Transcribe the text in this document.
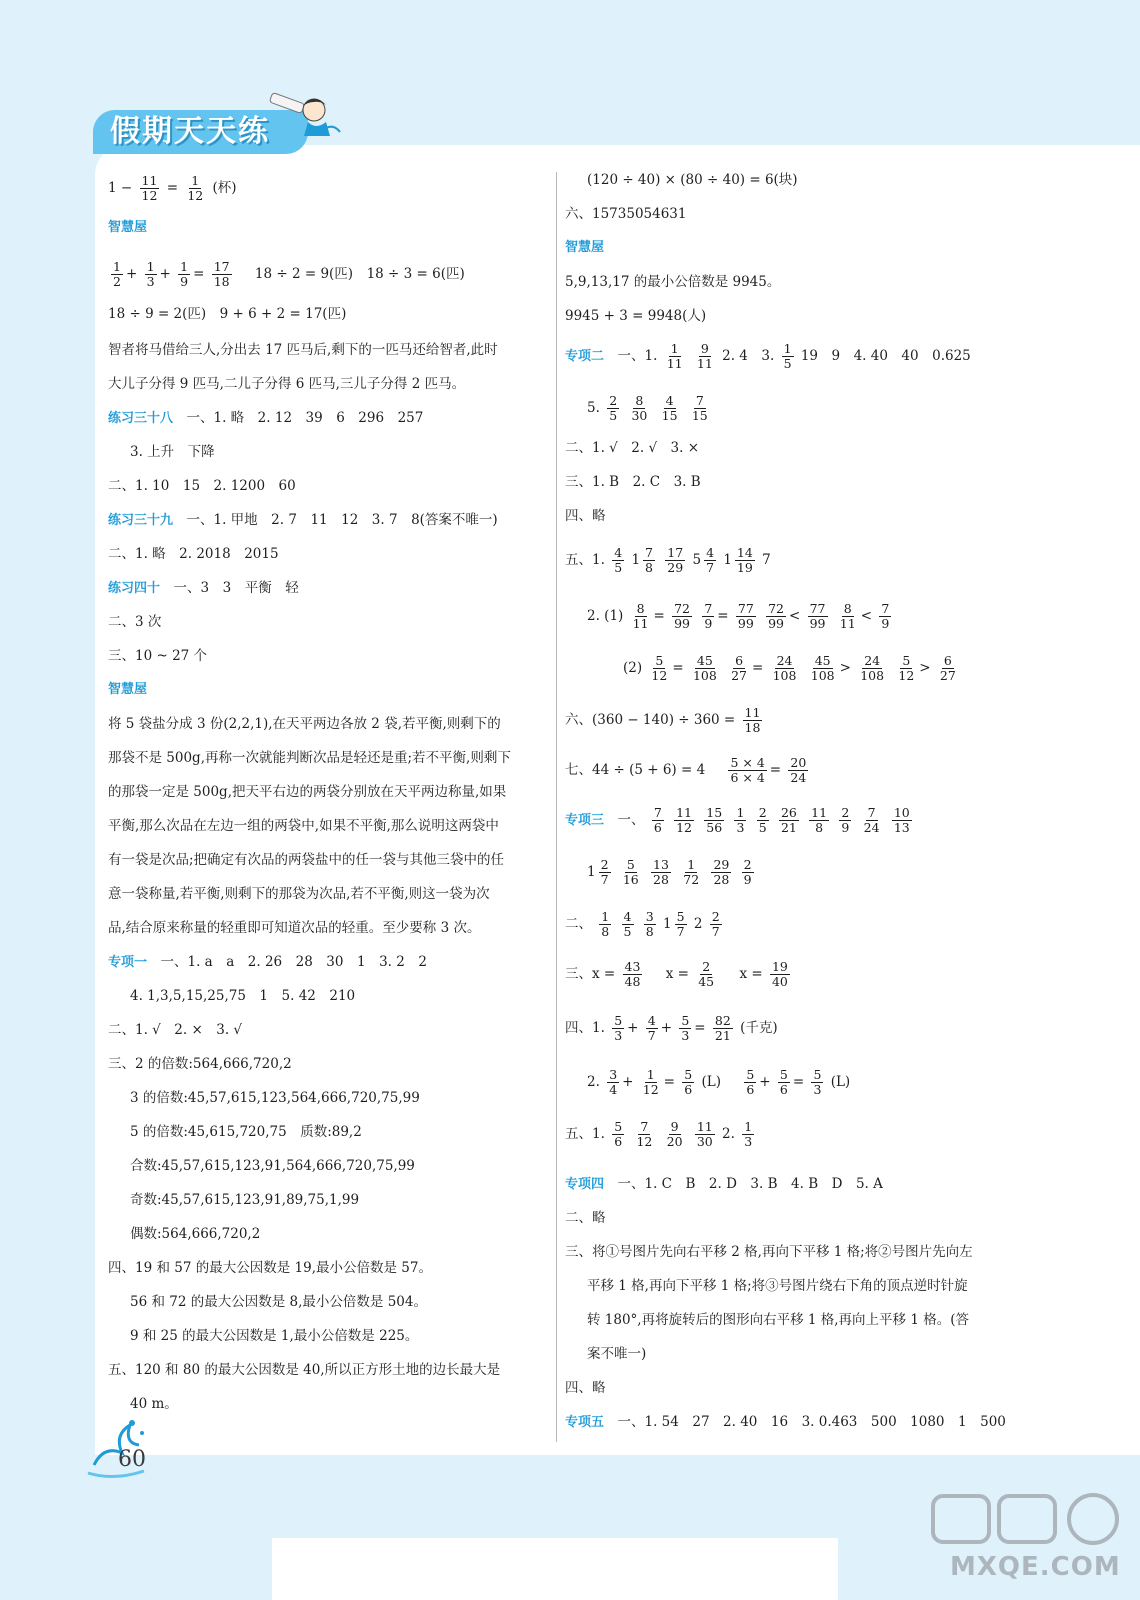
假期天天练
$1 - \frac{11}{12} = \frac{1}{12}$ (杯)
智慧屋
$\frac{1}{2} + \frac{1}{3} + \frac{1}{9} = \frac{17}{18} 18 \div 2 = 9$(匹)　18 ÷ 3 = 6(匹)
18 ÷ 9 = 2(匹)　9 + 6 + 2 = 17(匹)
智者将马借给三人,分出去 17 匹马后,剩下的一匹马还给智者,此时
大儿子分得 9 匹马,二儿子分得 6 匹马,三儿子分得 2 匹马。
练习三十八　 一、1. 略　2. 12　39　6　296　257
3. 上升　下降
二、1. 10　15　2. 1200　60
练习三十九　 一、1. 甲地　2. 7　11　12　3. 7　8(答案不唯一)
二、1. 略　2. 2018　2015
练习四十　 一、3　3　平衡　轻
二、3 次
三、10 ~ 27 个
智慧屋
将 5 袋盐分成 3 份(2,2,1),在天平两边各放 2 袋,若平衡,则剩下的
那袋不是 500g,再称一次就能判断次品是轻还是重;若不平衡,则剩下
的那袋一定是 500g,把天平右边的两袋分别放在天平两边称量,如果
平衡,那么次品在左边一组的两袋中,如果不平衡,那么说明这两袋中
有一袋是次品;把确定有次品的两袋盐中的任一袋与其他三袋中的任
意一袋称量,若平衡,则剩下的那袋为次品,若不平衡,则这一袋为次
品,结合原来称量的轻重即可知道次品的轻重。至少要称 3 次。
专项一　 一、1. a　a　2. 26　28　30　1　3. 2　2
4. 1,3,5,15,25,75　1　5. 42　210
二、1. √　2. ×　3. √
三、2 的倍数:564,666,720,2
3 的倍数:45,57,615,123,564,666,720,75,99
5 的倍数:45,615,720,75　质数:89,2
合数:45,57,615,123,91,564,666,720,75,99
奇数:45,57,615,123,91,89,75,1,99
偶数:564,666,720,2
四、19 和 57 的最大公因数是 19,最小公倍数是 57。
56 和 72 的最大公因数是 8,最小公倍数是 504。
9 和 25 的最大公因数是 1,最小公倍数是 225。
五、120 和 80 的最大公因数是 40,所以正方形土地的边长最大是
40 m。
(120 ÷ 40) × (80 ÷ 40) = 6(块)
六、15735054631
智慧屋
5,9,13,17 的最小公倍数是 9945。
9945 + 3 = 9948(人)
专项二　 一、1. $\frac{1}{11}$
$\frac{9}{11} 2$. 4　3. $\frac{1}{5} 19$　9　4. 40　40　0.625
5. $\frac{2}{5}$
$\frac{8}{30}$
$\frac{4}{15}$
$\frac{7}{15}$
二、1. √　2. √　3. ×
三、1. B　2. C　3. B
四、略
五、1. $\frac{4}{5} 1 \frac{7}{8}$
$\frac{17}{29} 5 \frac{4}{7} 1 \frac{14}{19} 7$
2. $(1) \frac{8}{11} = \frac{72}{99}$
$\frac{7}{9} = \frac{77}{99}$
$\frac{72}{99} < \frac{77}{99}$
$\frac{8}{11} < \frac{7}{9}$
$(2) \frac{5}{12} = \frac{45}{108}$
$\frac{6}{27} = \frac{24}{108}$
$\frac{45}{108} > \frac{24}{108}$
$\frac{5}{12} > \frac{6}{27}$
六、$(360 - 140) \div 360 = \frac{11}{18}$
七、$44 \div (5 + 6) = 4 \frac{5 \times 4}{6 \times 4} = \frac{20}{24}$
专项三　 一、 $\frac{7}{6}$
$\frac{11}{12}$
$\frac{15}{56}$
$\frac{1}{3}$
$\frac{2}{5}$
$\frac{26}{21}$
$\frac{11}{8}$
$\frac{2}{9}$
$\frac{7}{24}$
$\frac{10}{13}$
$1 \frac{2}{7}$
$\frac{5}{16}$
$\frac{13}{28}$
$\frac{1}{72}$
$\frac{29}{28}$
$\frac{2}{9}$
二、 $\frac{1}{8}$
$\frac{4}{5}$
$\frac{3}{8} 1 \frac{5}{7} 2 \frac{2}{7}$
三、$x = \frac{43}{48}$ $x = \frac{2}{45}$ $x = \frac{19}{40}$
四、1. $\frac{5}{3} + \frac{4}{7} + \frac{5}{3} = \frac{82}{21}$ (千克)
2. $\frac{3}{4} + \frac{1}{12} = \frac{5}{6} (L) \frac{5}{6} + \frac{5}{6} = \frac{5}{3} (L)$
五、1. $\frac{5}{6}$
$\frac{7}{12}$
$\frac{9}{20}$
$\frac{11}{30} 2$. $\frac{1}{3}$
专项四　 一、1. C　B　2. D　3. B　4. B　D　5. A
二、略
三、将①号图片先向右平移 2 格,再向下平移 1 格;将②号图片先向左
平移 1 格,再向下平移 1 格;将③号图片绕右下角的顶点逆时针旋
转 180°,再将旋转后的图形向右平移 1 格,再向上平移 1 格。(答
案不唯一)
四、略
专项五　 一、1. 54　27　2. 40　16　3. 0.463　500　1080　1　500
60
MXQE.COM
